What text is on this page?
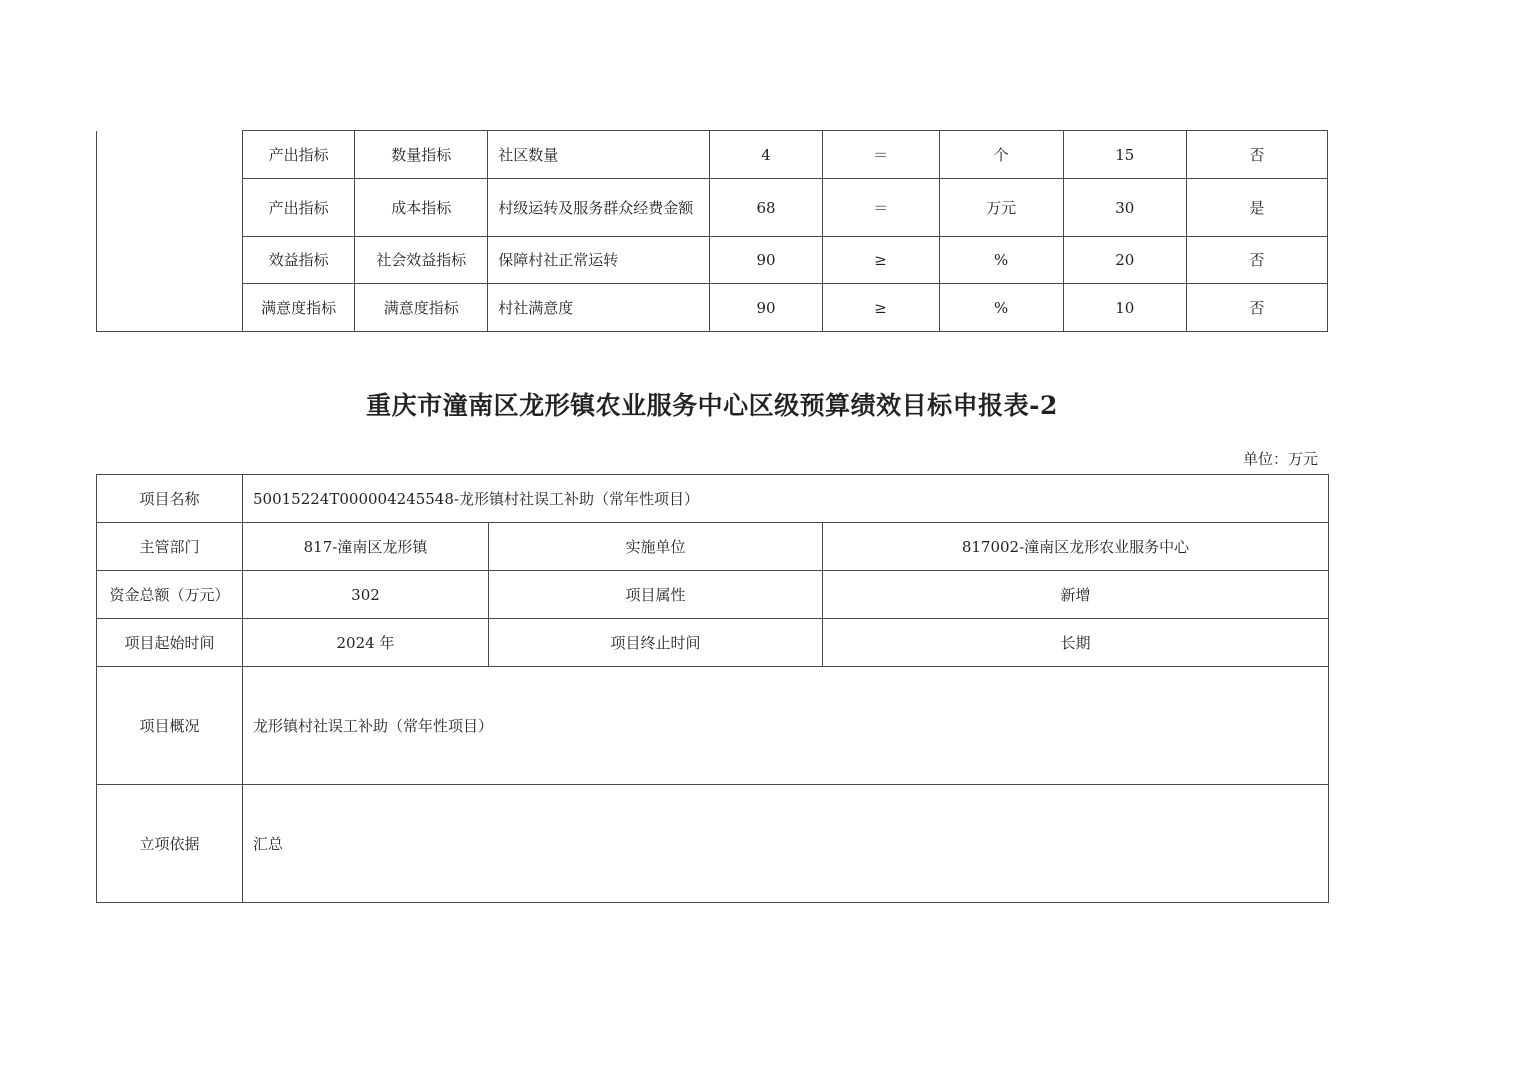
	产出指标	数量指标	社区数量	4	＝	个	15	否
	产出指标	成本指标	村级运转及服务群众经费金额	68	＝	万元	30	是
	效益指标	社会效益指标	保障村社正常运转	90	≥	%	20	否
	满意度指标	满意度指标	村社满意度	90	≥	%	10	否
重庆市潼南区龙形镇农业服务中心区级预算绩效目标申报表-2
单位：万元
项目名称	50015224T000004245548-龙形镇村社误工补助（常年性项目）		
主管部门	817-潼南区龙形镇	实施单位	817002-潼南区龙形农业服务中心
资金总额（万元）	302	项目属性	新增
项目起始时间	2024 年	项目终止时间	长期
项目概况	龙形镇村社误工补助（常年性项目）		
立项依据	汇总		
